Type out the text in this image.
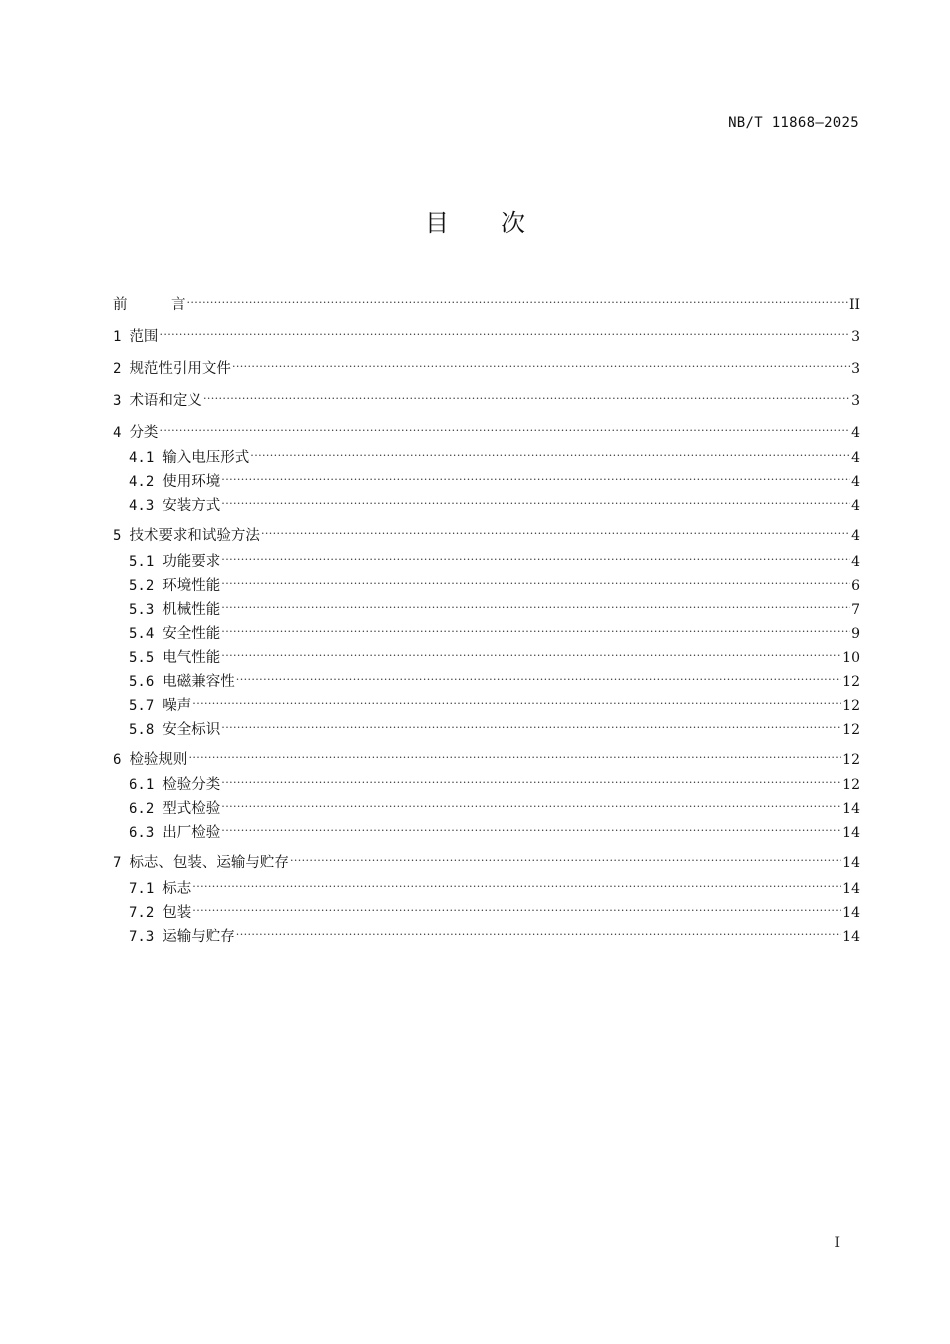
NB/T 11868—2025
目 次
前　　　言 .....	II
1 范围 .....	3
2 规范性引用文件 .....	3
3 术语和定义 .....	3
4 分类 .....	4
4.1 输入电压形式 .....	4
4.2 使用环境 .....	4
4.3 安装方式 .....	4
5 技术要求和试验方法 .....	4
5.1 功能要求 .....	4
5.2 环境性能 .....	6
5.3 机械性能 .....	7
5.4 安全性能 .....	9
5.5 电气性能 .....	10
5.6 电磁兼容性 .....	12
5.7 噪声 .....	12
5.8 安全标识 .....	12
6 检验规则 .....	12
6.1 检验分类 .....	12
6.2 型式检验 .....	14
6.3 出厂检验 .....	14
7 标志、包装、运输与贮存 .....	14
7.1 标志 .....	14
7.2 包装 .....	14
7.3 运输与贮存 .....	14
I
